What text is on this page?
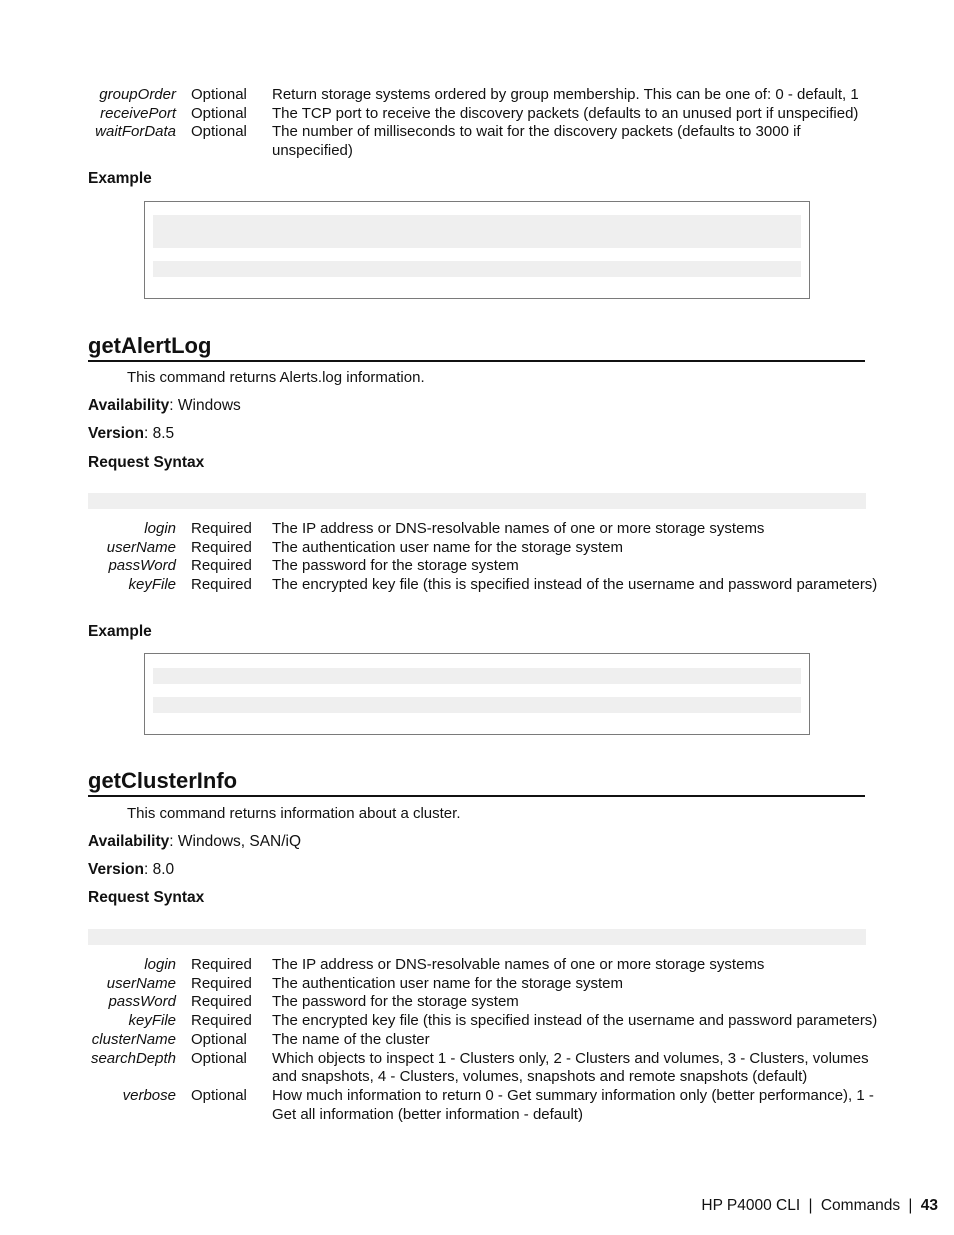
groupOrder	Optional	Return storage systems ordered by group membership. This can be one of: 0 - default, 1
receivePort	Optional	The TCP port to receive the discovery packets (defaults to an unused port if unspecified)
waitForData	Optional	The number of milliseconds to wait for the discovery packets (defaults to 3000 if unspecified)
Example
getAlertLog
This command returns Alerts.log information.
Availability: Windows
Version: 8.5
Request Syntax
login	Required	The IP address or DNS-resolvable names of one or more storage systems
userName	Required	The authentication user name for the storage system
passWord	Required	The password for the storage system
keyFile	Required	The encrypted key file (this is specified instead of the username and password parameters)
Example
getClusterInfo
This command returns information about a cluster.
Availability: Windows, SAN/iQ
Version: 8.0
Request Syntax
login	Required	The IP address or DNS-resolvable names of one or more storage systems
userName	Required	The authentication user name for the storage system
passWord	Required	The password for the storage system
keyFile	Required	The encrypted key file (this is specified instead of the username and password parameters)
clusterName	Optional	The name of the cluster
searchDepth	Optional	Which objects to inspect 1 - Clusters only, 2 - Clusters and volumes, 3 - Clusters, volumes and snapshots, 4 - Clusters, volumes, snapshots and remote snapshots (default)
verbose	Optional	How much information to return 0 - Get summary information only (better performance), 1 - Get all information (better information - default)
HP P4000 CLI | Commands | 43
